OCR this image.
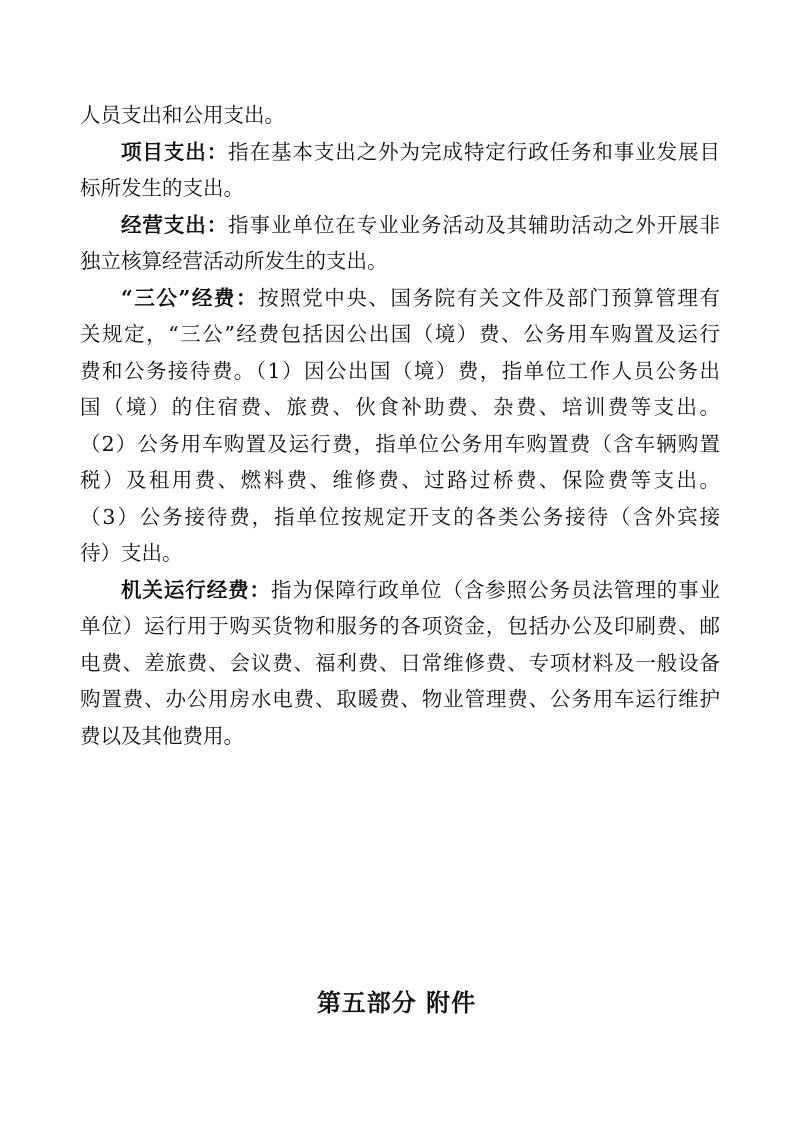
人员支出和公用支出。
项目支出：指在基本支出之外为完成特定行政任务和事业发展目
标所发生的支出。
经营支出：指事业单位在专业业务活动及其辅助活动之外开展非
独立核算经营活动所发生的支出。
“三公”经费：按照党中央、国务院有关文件及部门预算管理有
关规定，“三公”经费包括因公出国（境）费、公务用车购置及运行
费和公务接待费。（1）因公出国（境）费，指单位工作人员公务出
国（境）的住宿费、旅费、伙食补助费、杂费、培训费等支出。
（2）公务用车购置及运行费，指单位公务用车购置费（含车辆购置
税）及租用费、燃料费、维修费、过路过桥费、保险费等支出。
（3）公务接待费，指单位按规定开支的各类公务接待（含外宾接
待）支出。
机关运行经费：指为保障行政单位（含参照公务员法管理的事业
单位）运行用于购买货物和服务的各项资金，包括办公及印刷费、邮
电费、差旅费、会议费、福利费、日常维修费、专项材料及一般设备
购置费、办公用房水电费、取暖费、物业管理费、公务用车运行维护
费以及其他费用。
第五部分 附件
